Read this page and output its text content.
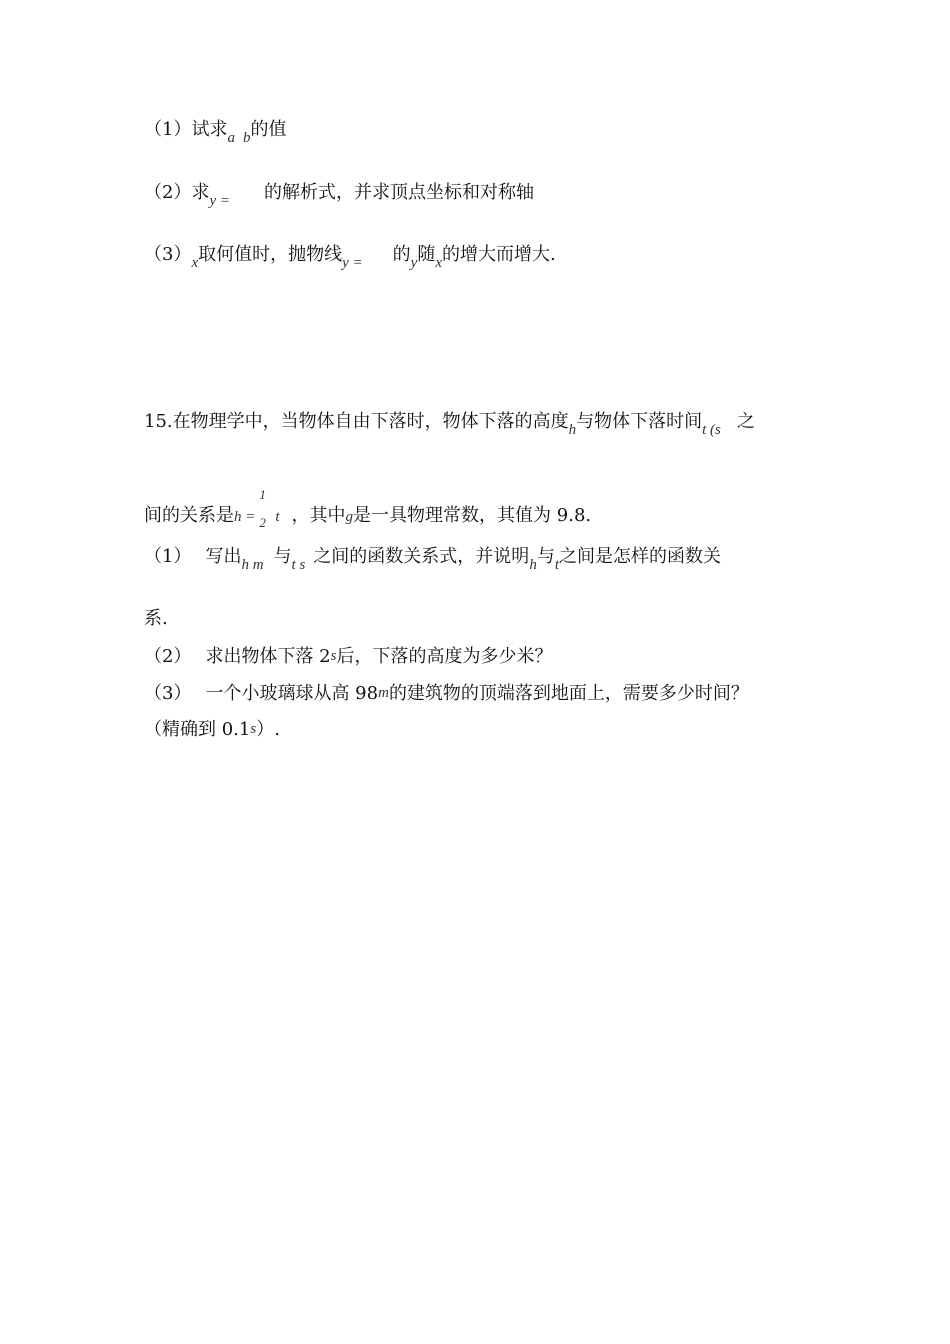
（1）试求$_a$ $_b$的值
（2）求$_{y =}$ 的解析式，并求顶点坐标和对称轴
$(3)_x$取何值时，抛物线$_{y =}$ 的$_y$随$_x$的增大而增大.
15.在物理学中，当物体自由下落时，物体下落的高度$_h$与物体下落时间$_{t (s}$ 之
间的关系是h =
1
2 t ，其中g是一具物理常数，其值为 9.8.
（1） 写出$_{h m}$ 与$_{t s}$ 之间的函数关系式，并说明$_h$与$_t$之间是怎样的函数关
系.
（2） 求出物体下落 2s后，下落的高度为多少米？
（3） 一个小玻璃球从高 98m的建筑物的顶端落到地面上，需要多少时间？
（精确到 0.1s）.
